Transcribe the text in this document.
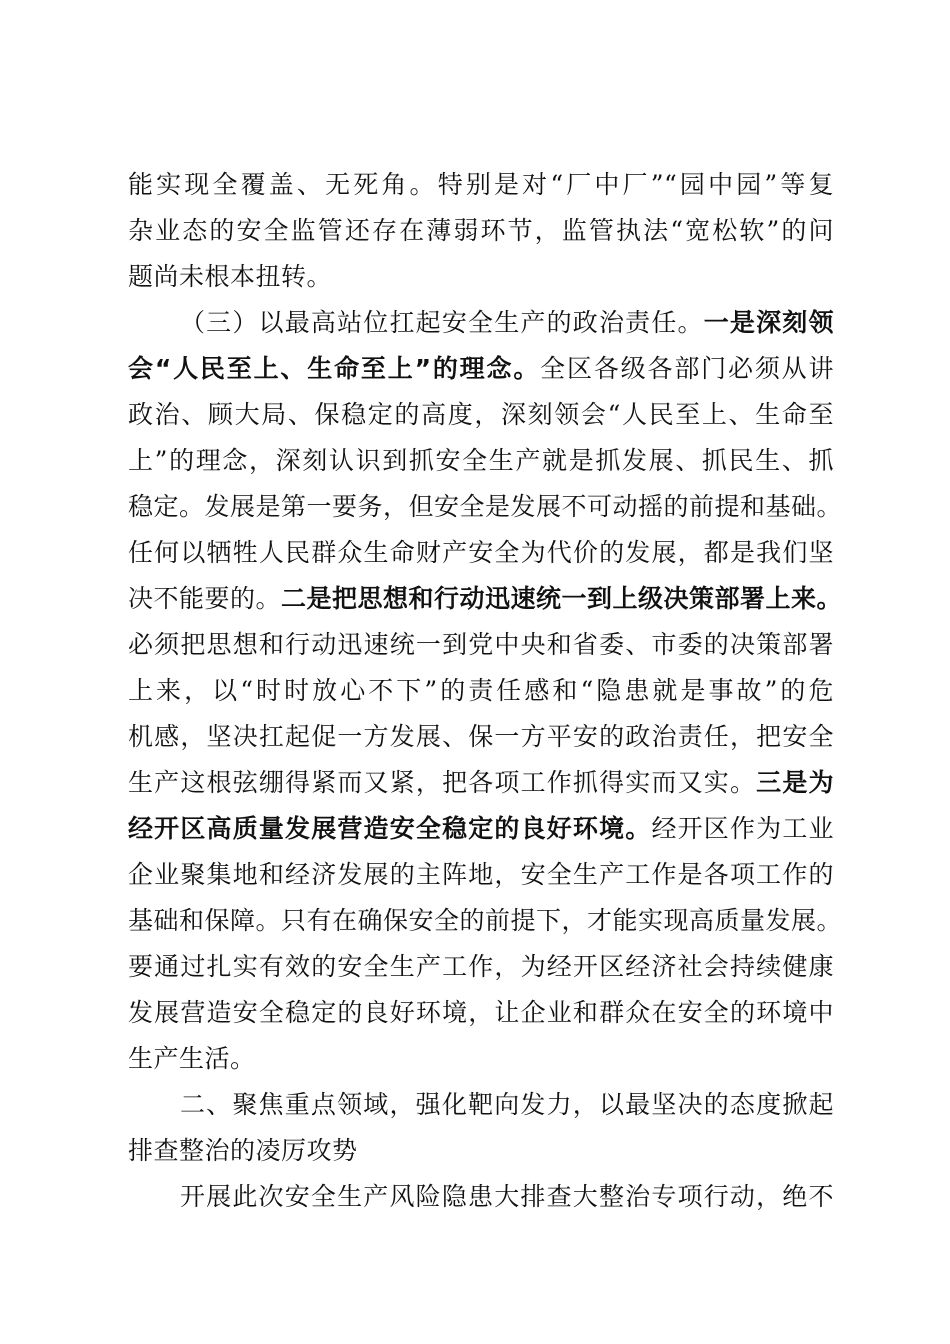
能实现全覆盖、无死角。特别是对“厂中厂”“园中园”等复
杂业态的安全监管还存在薄弱环节，监管执法“宽松软”的问
题尚未根本扭转。
（三）以最高站位扛起安全生产的政治责任。一是深刻领
会“人民至上、生命至上”的理念。全区各级各部门必须从讲
政治、顾大局、保稳定的高度，深刻领会“人民至上、生命至
上”的理念，深刻认识到抓安全生产就是抓发展、抓民生、抓
稳定。发展是第一要务，但安全是发展不可动摇的前提和基础。
任何以牺牲人民群众生命财产安全为代价的发展，都是我们坚
决不能要的。二是把思想和行动迅速统一到上级决策部署上来。
必须把思想和行动迅速统一到党中央和省委、市委的决策部署
上来，以“时时放心不下”的责任感和“隐患就是事故”的危
机感，坚决扛起促一方发展、保一方平安的政治责任，把安全
生产这根弦绷得紧而又紧，把各项工作抓得实而又实。三是为
经开区高质量发展营造安全稳定的良好环境。经开区作为工业
企业聚集地和经济发展的主阵地，安全生产工作是各项工作的
基础和保障。只有在确保安全的前提下，才能实现高质量发展。
要通过扎实有效的安全生产工作，为经开区经济社会持续健康
发展营造安全稳定的良好环境，让企业和群众在安全的环境中
生产生活。
二、聚焦重点领域，强化靶向发力，以最坚决的态度掀起
排查整治的凌厉攻势
开展此次安全生产风险隐患大排查大整治专项行动，绝不
